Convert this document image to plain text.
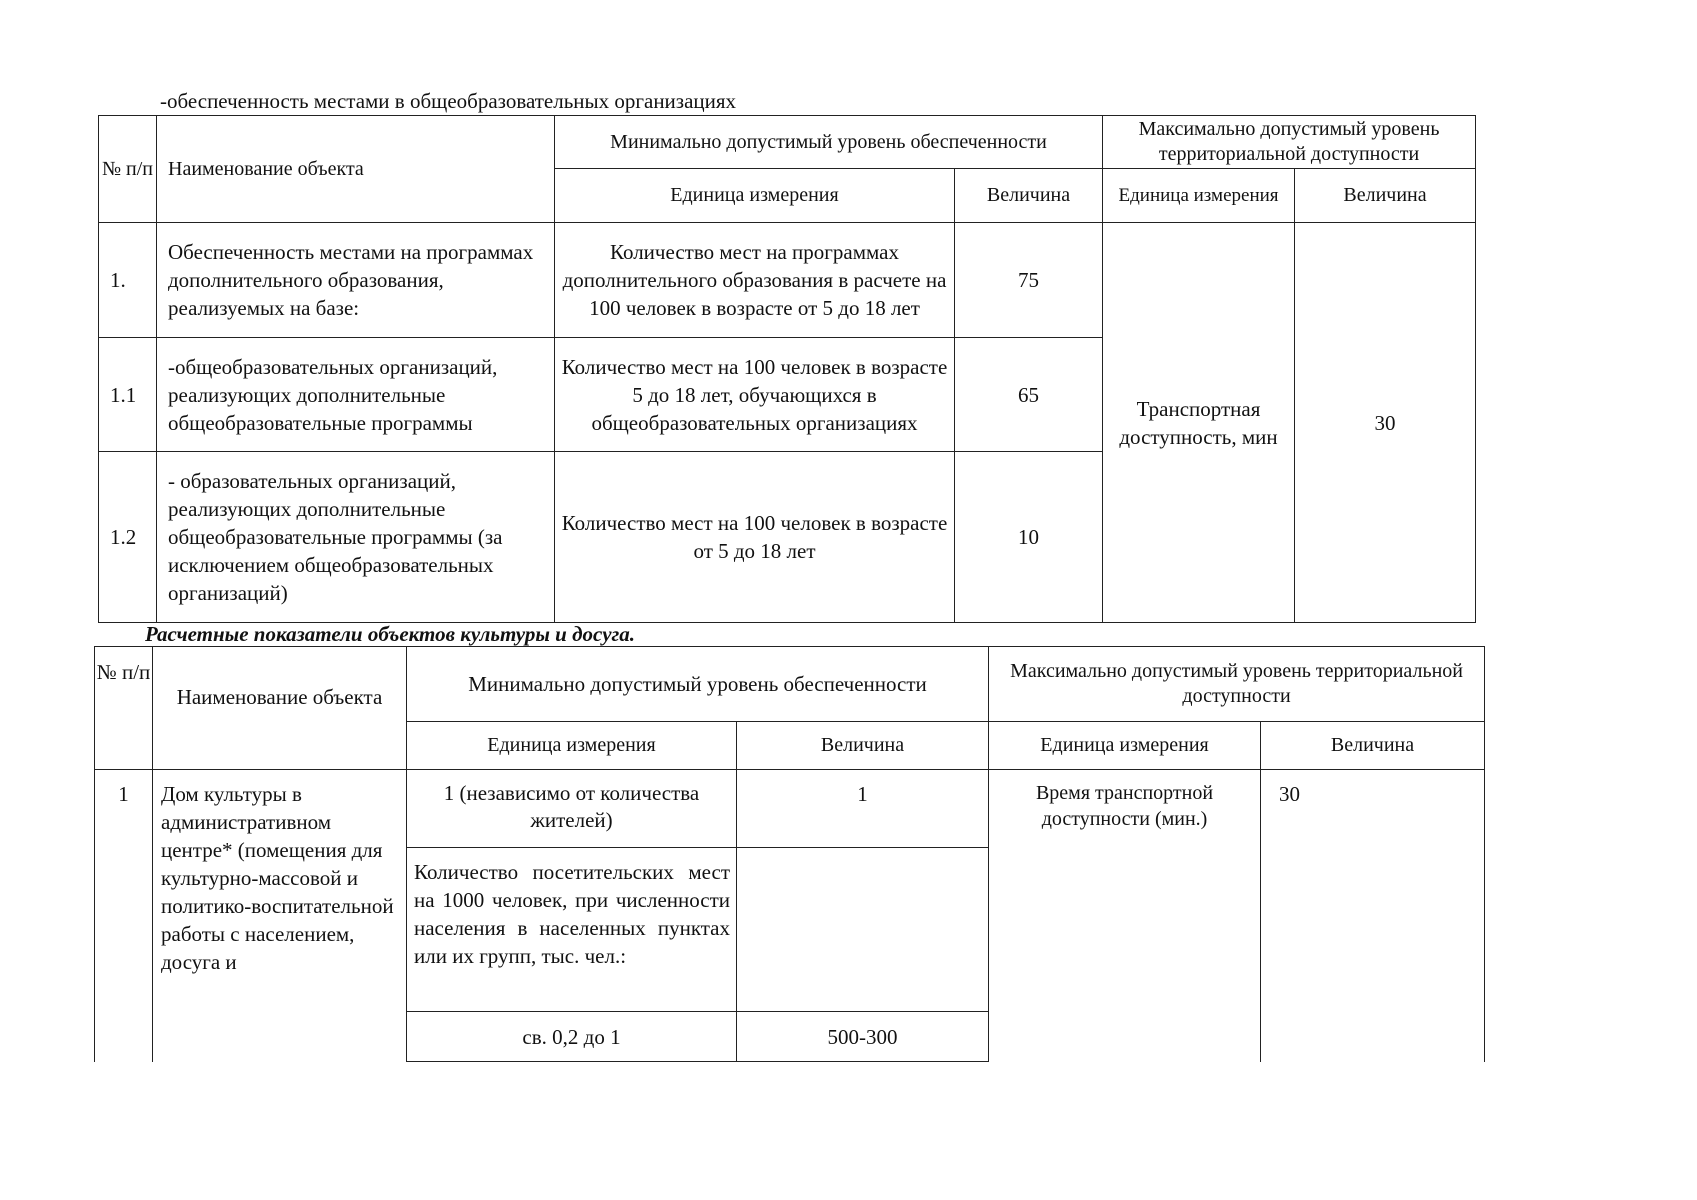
-обеспеченность местами в общеобразовательных организациях
№ п/п	Наименование объекта	Минимально допустимый уровень обеспеченности		Максимально допустимый уровень территориальной доступности	
		Единица измерения	Величина	Единица измерения	Величина
1.	Обеспеченность местами на программах дополнительного образования, реализуемых на базе:	Количество мест на программах дополнительного образования в расчете на 100 человек в возрасте от 5 до 18 лет	75	Транспортная доступность, мин	30
1.1	-общеобразовательных организаций, реализующих дополнительные общеобразовательные программы	Количество мест на 100 человек в возрасте 5 до 18 лет, обучающихся в общеобразовательных организациях	65		
1.2	- образовательных организаций, реализующих дополнительные общеобразовательные программы (за исключением общеобразовательных организаций)	Количество мест на 100 человек в возрасте от 5 до 18 лет	10		
Расчетные показатели объектов культуры и досуга.
№ п/п	Наименование объекта	Минимально допустимый уровень обеспеченности		Максимально допустимый уровень территориальной доступности	
		Единица измерения	Величина	Единица измерения	Величина
1	Дом культуры в административном центре* (помещения для культурно-массовой и политико-воспитательной работы с населением, досуга и	1 (независимо от количества жителей)	1	Время транспортной доступности (мин.)	30
		Количество посетительских мест на 1000 человек, при численности населения в населенных пунктах или их групп, тыс. чел.:			
		св. 0,2 до 1	500-300		
